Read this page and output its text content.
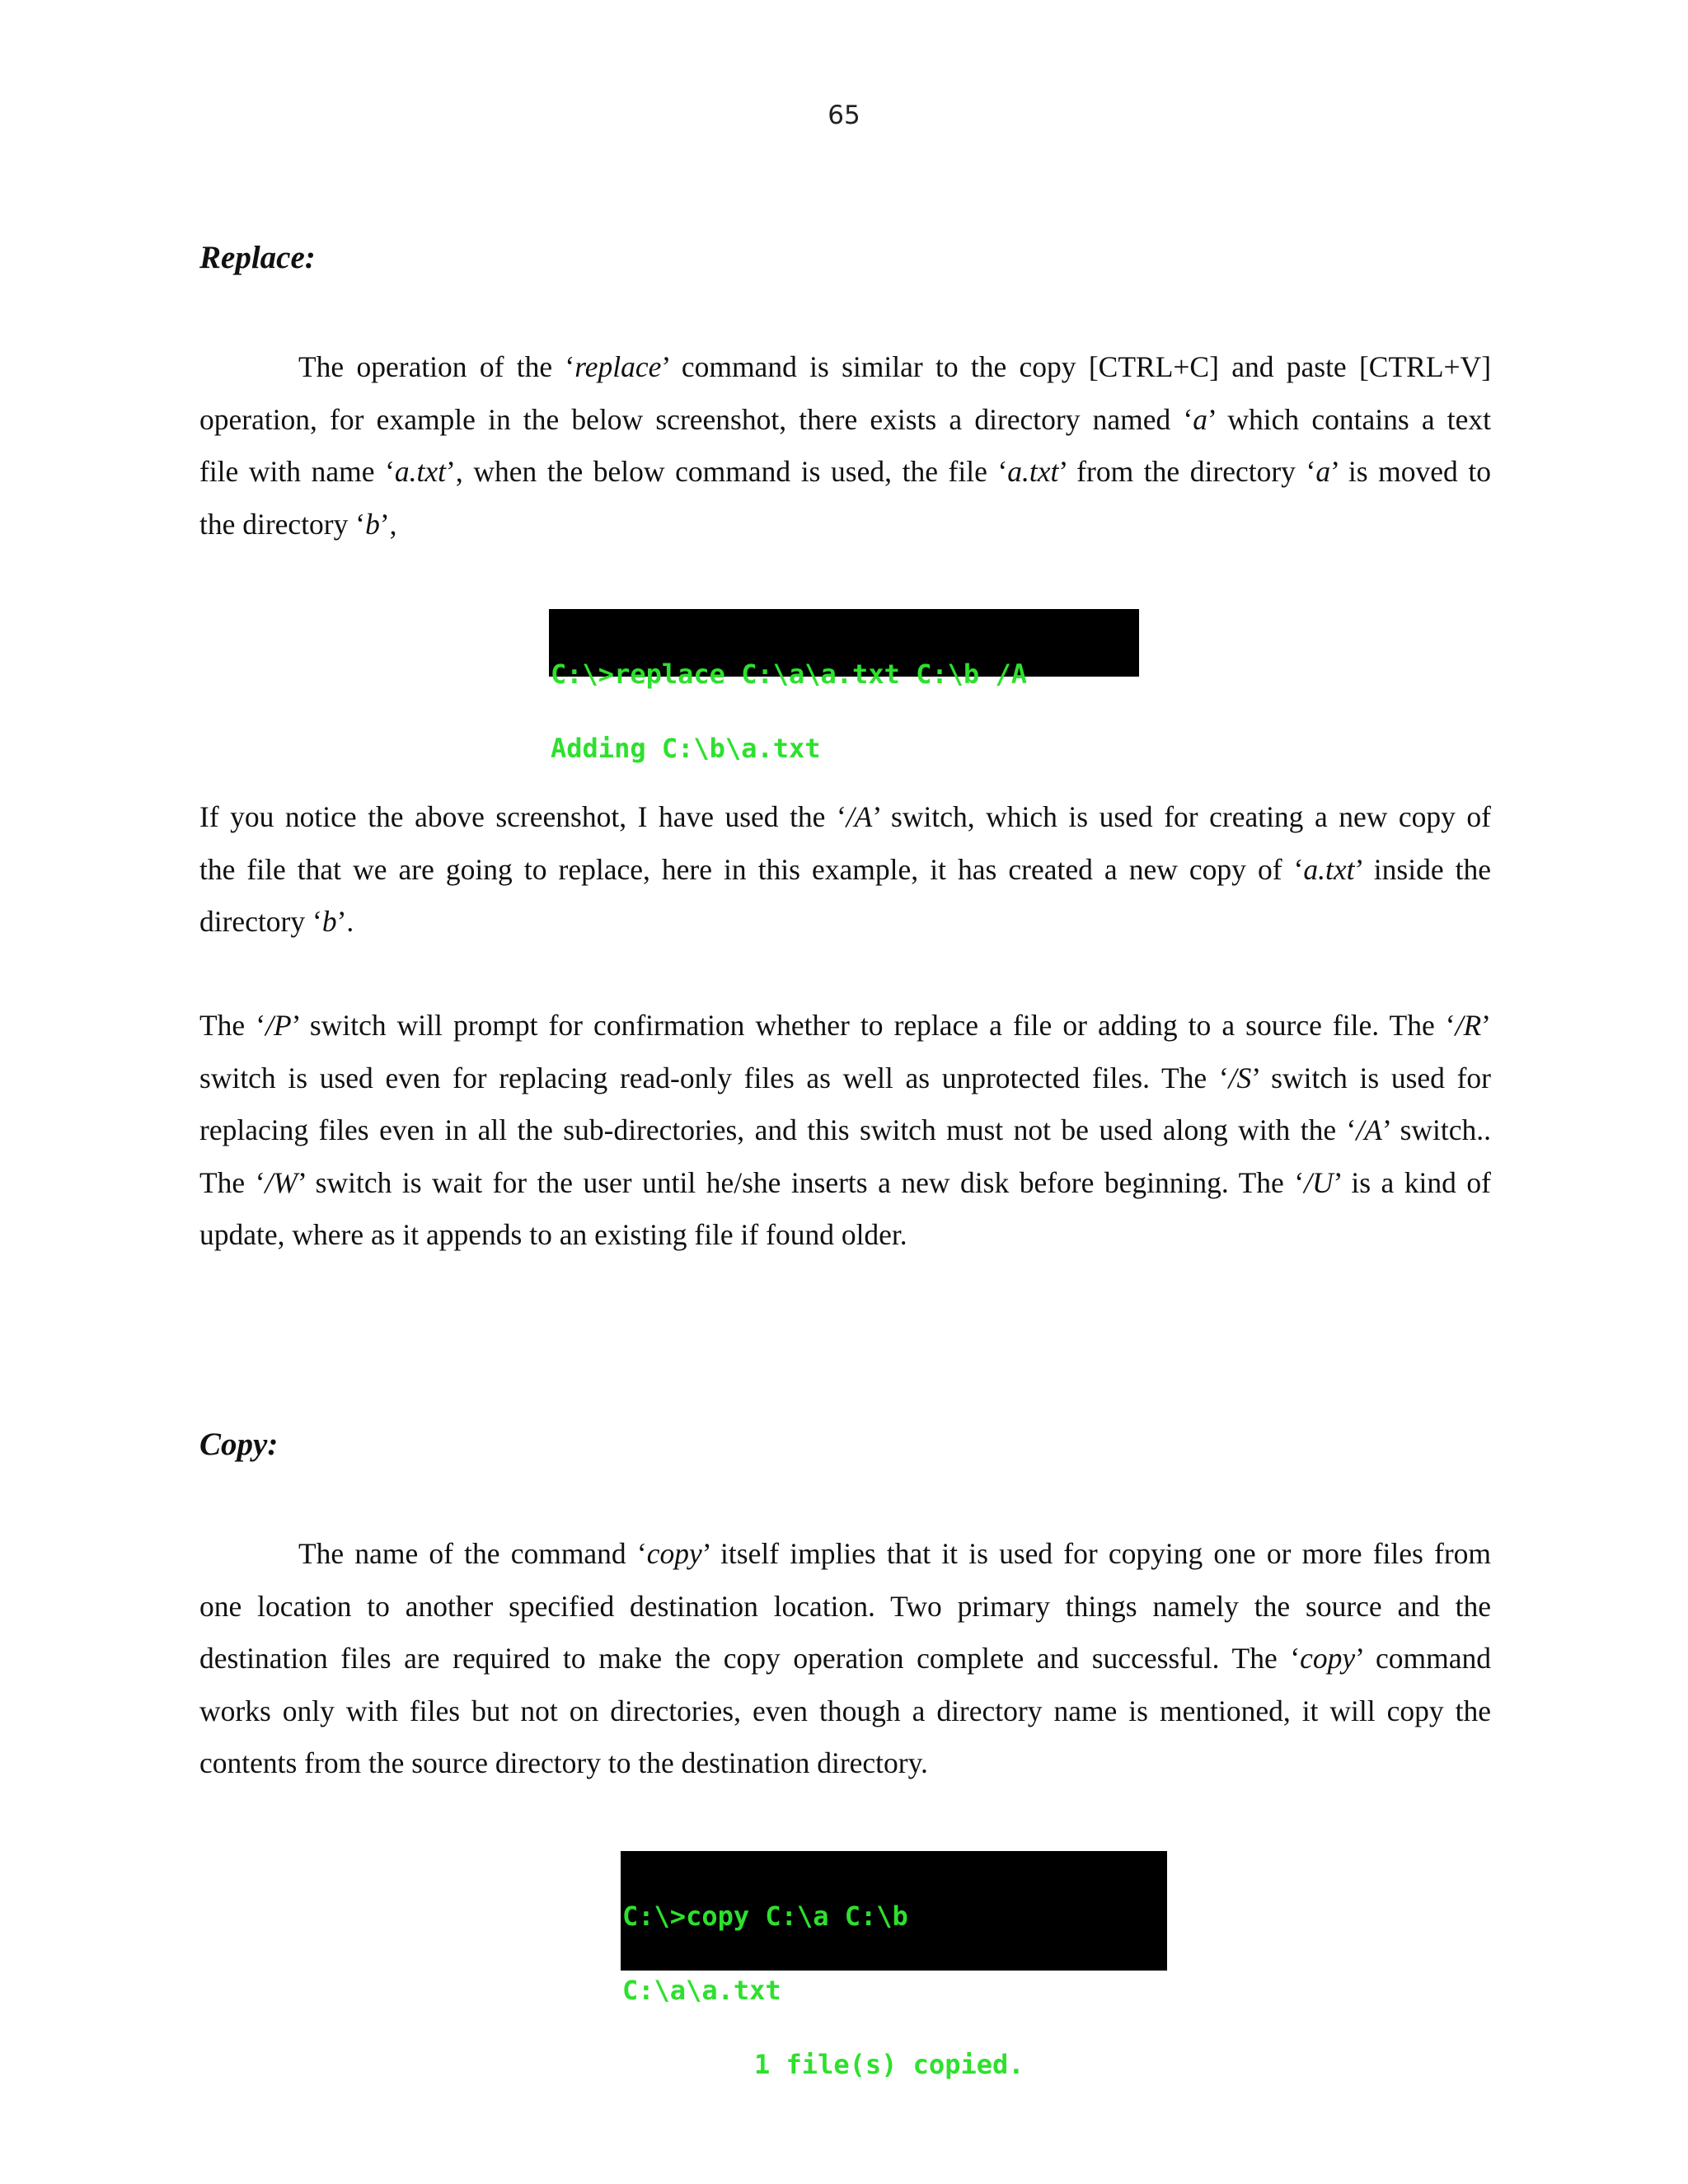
65
Replace:
The operation of the ‘replace’ command is similar to the copy [CTRL+C] and paste [CTRL+V]
operation, for example in the below screenshot, there exists a directory named ‘a’ which contains a text
file with name ‘a.txt’, when the below command is used, the file ‘a.txt’ from the directory ‘a’ is moved to
the directory ‘b’,

C:\>replace C:\a\a.txt C:\b /A

Adding C:\b\a.txt

If you notice the above screenshot, I have used the ‘/A’ switch, which is used for creating a new copy of
the file that we are going to replace, here in this example, it has created a new copy of ‘a.txt’ inside the
directory ‘b’.
The ‘/P’ switch will prompt for confirmation whether to replace a file or adding to a source file. The ‘/R’
switch is used even for replacing read-only files as well as unprotected files. The ‘/S’ switch is used for
replacing files even in all the sub-directories, and this switch must not be used along with the ‘/A’ switch..
The ‘/W’ switch is wait for the user until he/she inserts a new disk before beginning. The ‘/U’ is a kind of
update, where as it appends to an existing file if found older.
Copy:
The name of the command ‘copy’ itself implies that it is used for copying one or more files from
one location to another specified destination location. Two primary things namely the source and the
destination files are required to make the copy operation complete and successful. The ‘copy’ command
works only with files but not on directories, even though a directory name is mentioned, it will copy the
contents from the source directory to the destination directory.

C:\>copy C:\a C:\b

C:\a\a.txt

1 file(s) copied.
